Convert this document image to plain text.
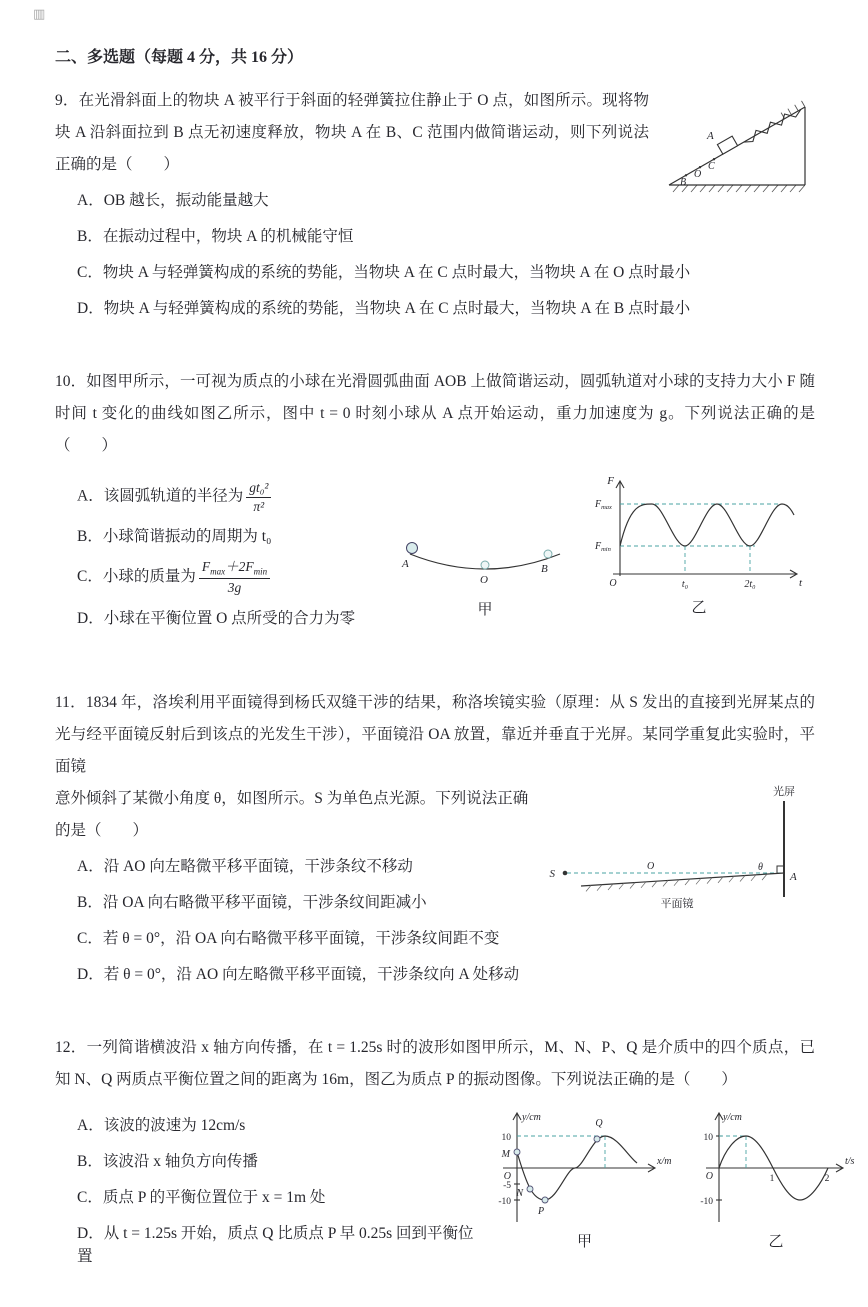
▥
二、多选题（每题 4 分，共 16 分）
A
B
O
C

9．在光滑斜面上的物块 A 被平行于斜面的轻弹簧拉住静止于 O 点，如图所示。现将物块 A 沿斜面拉到 B 点无初速度释放，物块 A 在 B、C 范围内做简谐运动，则下列说法正确的是（　　）

A．OB 越长，振动能量越大
B．在振动过程中，物块 A 的机械能守恒
C．物块 A 与轻弹簧构成的系统的势能，当物块 A 在 C 点时最大，当物块 A 在 O 点时最小
D．物块 A 与轻弹簧构成的系统的势能，当物块 A 在 C 点时最大，当物块 A 在 B 点时最小

10．如图甲所示，一可视为质点的小球在光滑圆弧曲面 AOB 上做简谐运动，圆弧轨道对小球的支持力大小 F 随时间 t 变化的曲线如图乙所示，图中 t = 0 时刻小球从 A 点开始运动，重力加速度为 g。下列说法正确的是（　　）

A．该圆弧轨道的半径为 $\frac{\text{gt₀²}}{\text{π²}}$
B．小球简谐振动的周期为 t₀
C．小球的质量为 $\frac{F_{max}+2F_{min}}{3g}$
D．小球在平衡位置 O 点所受的合力为零
A
O
B
甲
F
$F_{max}$
$F_{min}$
O	t₀	2t₀	t
乙

11．1834 年，洛埃利用平面镜得到杨氏双缝干涉的结果，称洛埃镜实验（原理：从 S 发出的直接到光屏某点的光与经平面镜反射后到该点的光发生干涉），平面镜沿 OA 放置，靠近并垂直于光屏。某同学重复此实验时，平面镜

光屏
S
O	θ
A
平面镜
意外倾斜了某微小角度 θ，如图所示。S 为单色点光源。下列说法正确的是（　　）
A．沿 AO 向左略微平移平面镜，干涉条纹不移动
B．沿 OA 向右略微平移平面镜，干涉条纹间距减小
C．若 θ = 0°，沿 OA 向右略微平移平面镜，干涉条纹间距不变
D．若 θ = 0°，沿 AO 向左略微平移平面镜，干涉条纹向 A 处移动

12．一列简谐横波沿 x 轴方向传播，在 t = 1.25s 时的波形如图甲所示，M、N、P、Q 是介质中的四个质点，已知 N、Q 两质点平衡位置之间的距离为 16m，图乙为质点 P 的振动图像。下列说法正确的是（　　）

A．该波的波速为 12cm/s
B．该波沿 x 轴负方向传播
C．质点 P 的平衡位置位于 x = 1m 处
D．从 t = 1.25s 开始，质点 Q 比质点 P 早 0.25s 回到平衡位置
y/cm
x/m
O
10
-5
-10
M
N
P
Q
甲
y/cm
t/s
O
10
-10
1	2
乙
